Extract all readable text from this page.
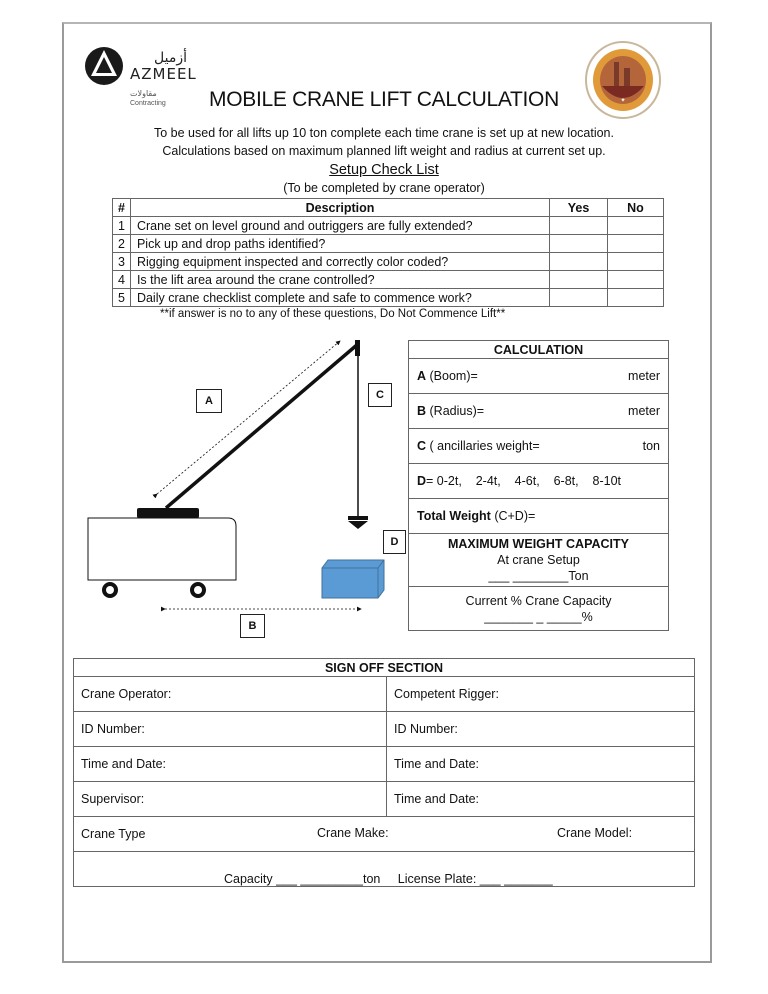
أزميل
AZMEEL
مقاولات
Contracting	✦
MOBILE CRANE LIFT CALCULATION
To be used for all lifts up 10 ton complete each time crane is set up at new location.
Calculations based on maximum planned lift weight and radius at current set up.
Setup Check List
(To be completed by crane operator)
#	Description	Yes	No
1	Crane set on level ground and outriggers are fully extended?		
2	Pick up and drop paths identified?		
3	Rigging equipment inspected and correctly color coded?		
4	Is the lift area around the crane controlled?		
5	Daily crane checklist complete and safe to commence work?		
**if answer is no to any of these questions, Do Not Commence Lift**
A
B
C
D
CALCULATION
A (Boom)=	meter

B (Radius)=	meter

C ( ancillaries weight=	ton

D= 0-2t, 2-4t, 4-6t, 6-8t, 8-10t
Total Weight (C+D)=
MAXIMUM WEIGHT CAPACITY
At crane Setup
___ ________Ton
Current % Crane Capacity
_______ _ _____%
SIGN OFF SECTION	
Crane Operator:	Competent Rigger:
ID Number:	ID Number:
Time and Date:	Time and Date:
Supervisor:	Time and Date:
Crane Type Crane Make: Crane Model:	

Capacity ___ _________ton License Plate: ___ _______	
